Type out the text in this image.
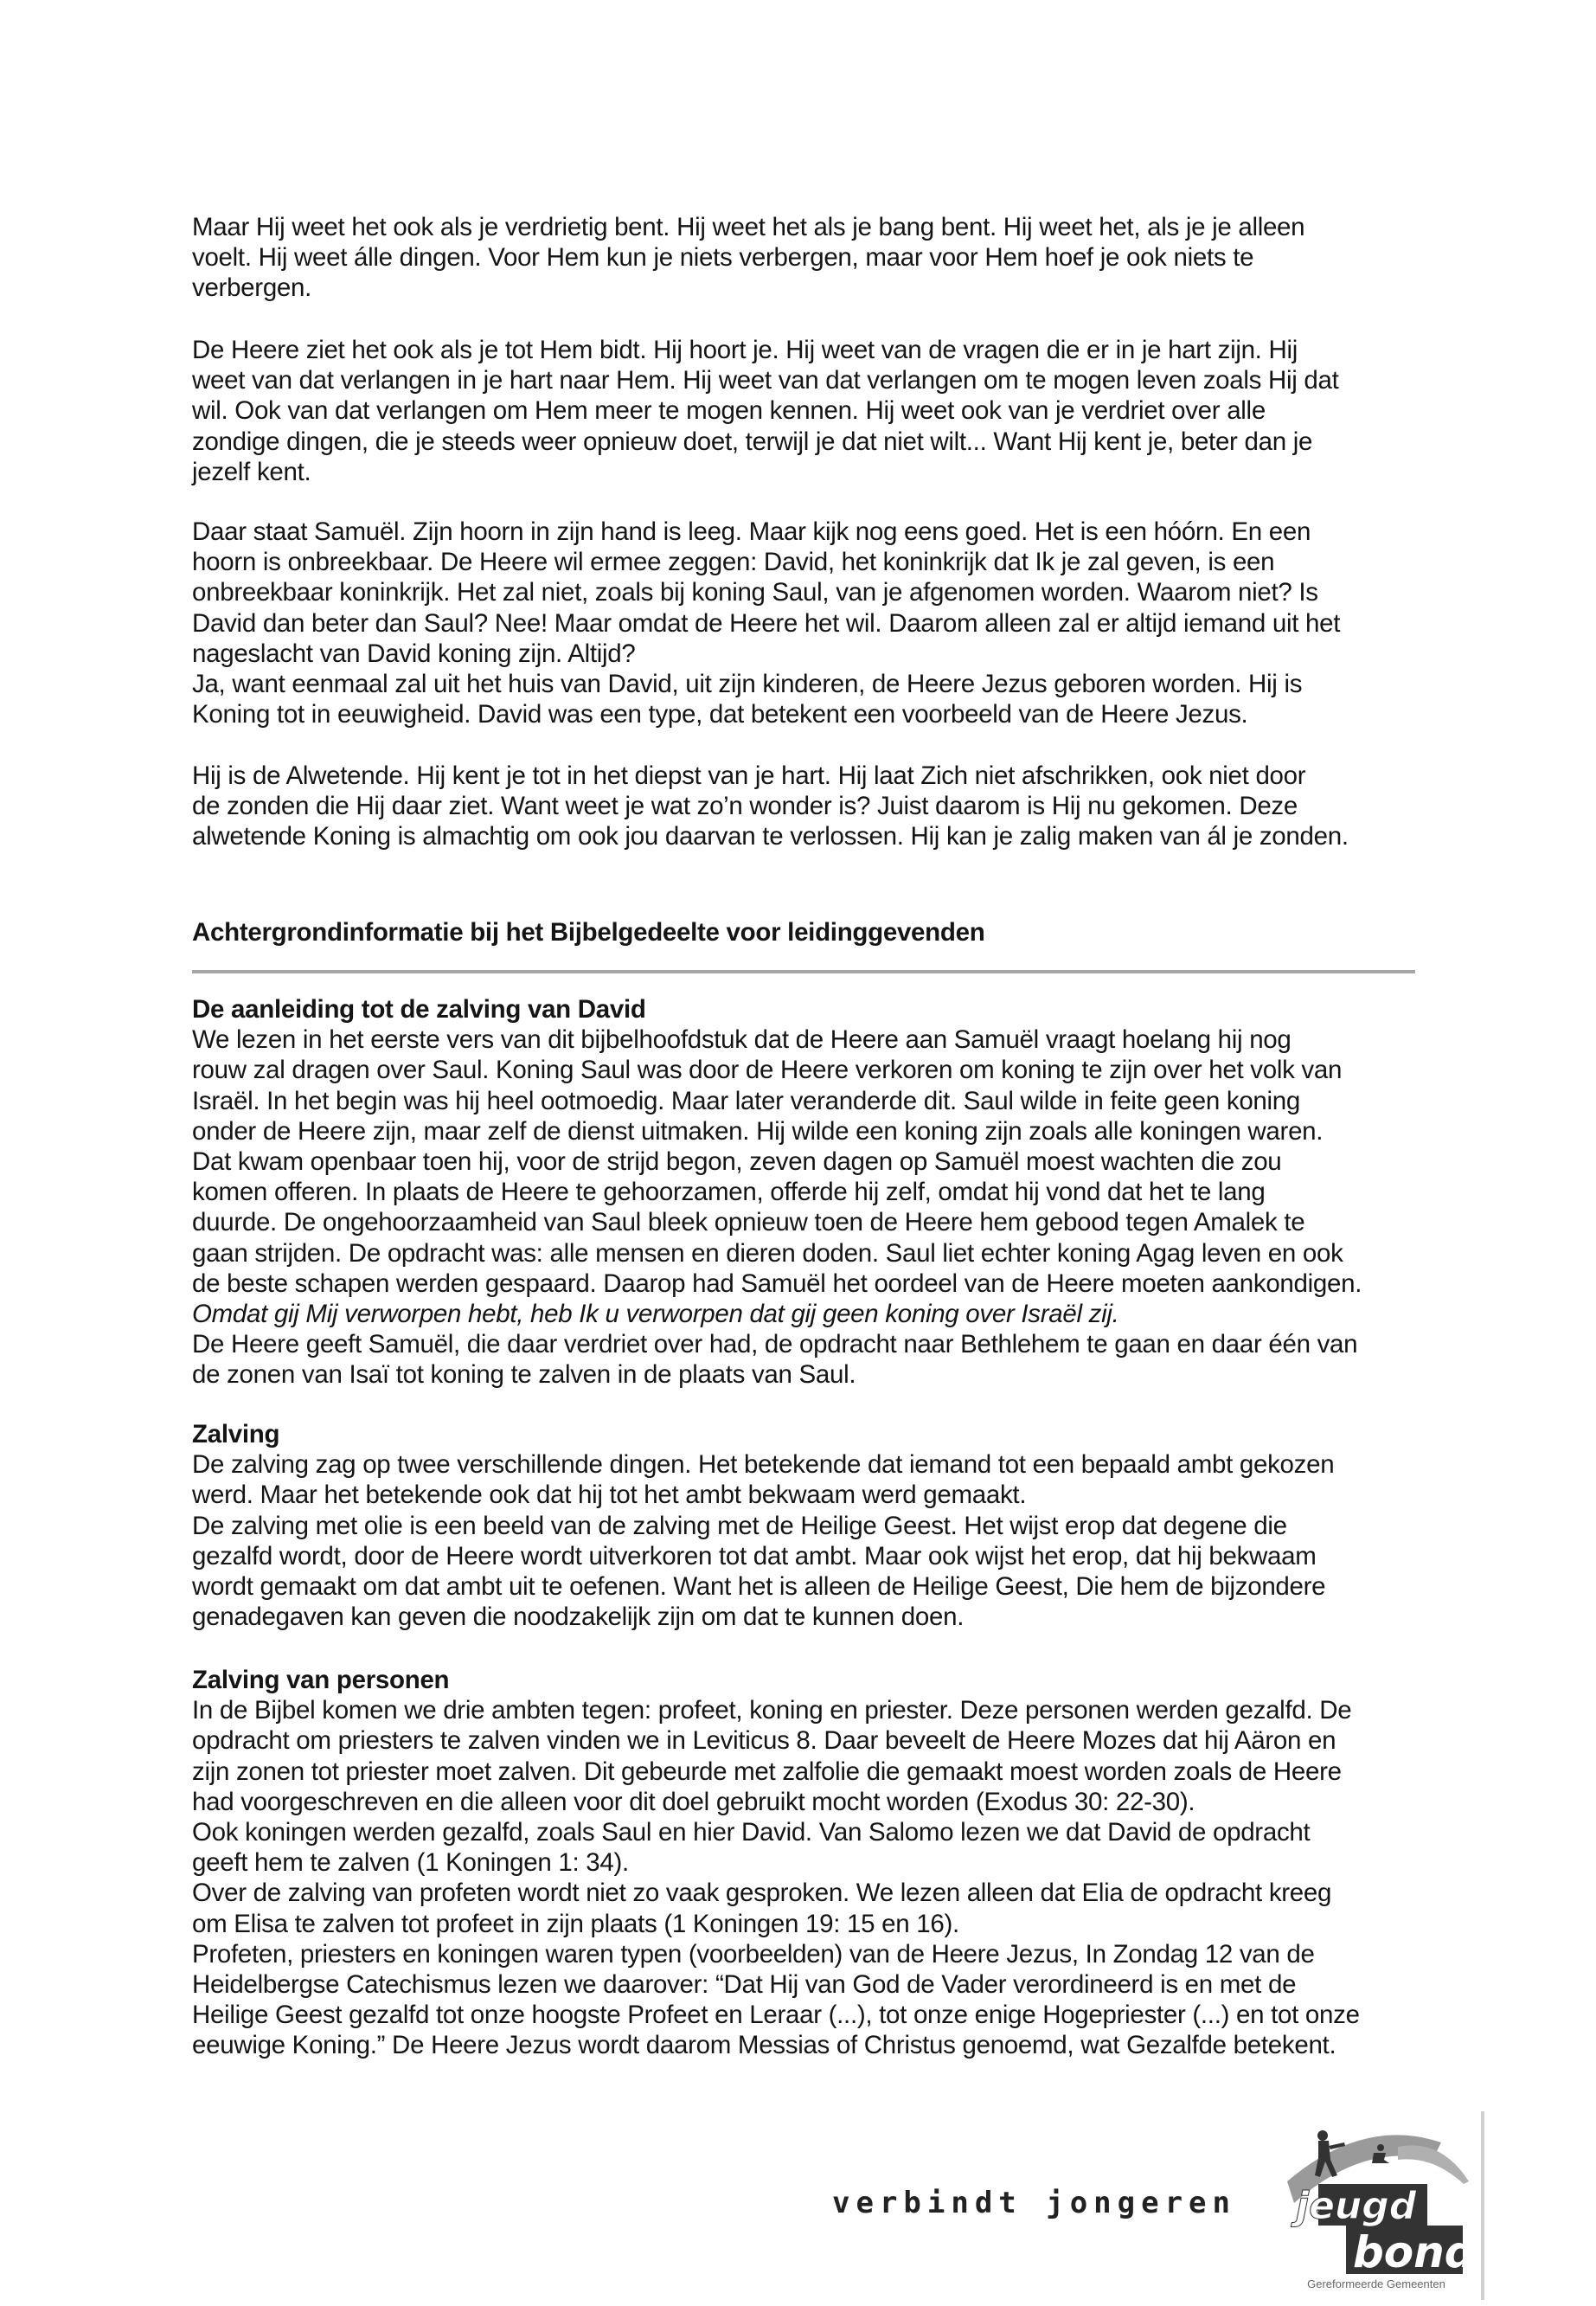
Maar Hij weet het ook als je verdrietig bent. Hij weet het als je bang bent. Hij weet het, als je je alleen
voelt. Hij weet álle dingen. Voor Hem kun je niets verbergen, maar voor Hem hoef je ook niets te
verbergen.
De Heere ziet het ook als je tot Hem bidt. Hij hoort je. Hij weet van de vragen die er in je hart zijn. Hij
weet van dat verlangen in je hart naar Hem. Hij weet van dat verlangen om te mogen leven zoals Hij dat
wil. Ook van dat verlangen om Hem meer te mogen kennen. Hij weet ook van je verdriet over alle
zondige dingen, die je steeds weer opnieuw doet, terwijl je dat niet wilt... Want Hij kent je, beter dan je
jezelf kent.
Daar staat Samuël. Zijn hoorn in zijn hand is leeg. Maar kijk nog eens goed. Het is een hóórn. En een
hoorn is onbreekbaar. De Heere wil ermee zeggen: David, het koninkrijk dat Ik je zal geven, is een
onbreekbaar koninkrijk. Het zal niet, zoals bij koning Saul, van je afgenomen worden. Waarom niet? Is
David dan beter dan Saul? Nee! Maar omdat de Heere het wil. Daarom alleen zal er altijd iemand uit het
nageslacht van David koning zijn. Altijd?
Ja, want eenmaal zal uit het huis van David, uit zijn kinderen, de Heere Jezus geboren worden. Hij is
Koning tot in eeuwigheid. David was een type, dat betekent een voorbeeld van de Heere Jezus.
Hij is de Alwetende. Hij kent je tot in het diepst van je hart. Hij laat Zich niet afschrikken, ook niet door
de zonden die Hij daar ziet. Want weet je wat zo’n wonder is? Juist daarom is Hij nu gekomen. Deze
alwetende Koning is almachtig om ook jou daarvan te verlossen. Hij kan je zalig maken van ál je zonden.
Achtergrondinformatie bij het Bijbelgedeelte voor leidinggevenden
De aanleiding tot de zalving van David
We lezen in het eerste vers van dit bijbelhoofdstuk dat de Heere aan Samuël vraagt hoelang hij nog
rouw zal dragen over Saul. Koning Saul was door de Heere verkoren om koning te zijn over het volk van
Israël. In het begin was hij heel ootmoedig. Maar later veranderde dit. Saul wilde in feite geen koning
onder de Heere zijn, maar zelf de dienst uitmaken. Hij wilde een koning zijn zoals alle koningen waren.
Dat kwam openbaar toen hij, voor de strijd begon, zeven dagen op Samuël moest wachten die zou
komen offeren. In plaats de Heere te gehoorzamen, offerde hij zelf, omdat hij vond dat het te lang
duurde. De ongehoorzaamheid van Saul bleek opnieuw toen de Heere hem gebood tegen Amalek te
gaan strijden. De opdracht was: alle mensen en dieren doden. Saul liet echter koning Agag leven en ook
de beste schapen werden gespaard. Daarop had Samuël het oordeel van de Heere moeten aankondigen.
Omdat gij Mij verworpen hebt, heb Ik u verworpen dat gij geen koning over Israël zij.
De Heere geeft Samuël, die daar verdriet over had, de opdracht naar Bethlehem te gaan en daar één van
de zonen van Isaï tot koning te zalven in de plaats van Saul.
Zalving
De zalving zag op twee verschillende dingen. Het betekende dat iemand tot een bepaald ambt gekozen
werd. Maar het betekende ook dat hij tot het ambt bekwaam werd gemaakt.
De zalving met olie is een beeld van de zalving met de Heilige Geest. Het wijst erop dat degene die
gezalfd wordt, door de Heere wordt uitverkoren tot dat ambt. Maar ook wijst het erop, dat hij bekwaam
wordt gemaakt om dat ambt uit te oefenen. Want het is alleen de Heilige Geest, Die hem de bijzondere
genadegaven kan geven die noodzakelijk zijn om dat te kunnen doen.
Zalving van personen
In de Bijbel komen we drie ambten tegen: profeet, koning en priester. Deze personen werden gezalfd. De
opdracht om priesters te zalven vinden we in Leviticus 8. Daar beveelt de Heere Mozes dat hij Aäron en
zijn zonen tot priester moet zalven. Dit gebeurde met zalfolie die gemaakt moest worden zoals de Heere
had voorgeschreven en die alleen voor dit doel gebruikt mocht worden (Exodus 30: 22-30).
Ook koningen werden gezalfd, zoals Saul en hier David. Van Salomo lezen we dat David de opdracht
geeft hem te zalven (1 Koningen 1: 34).
Over de zalving van profeten wordt niet zo vaak gesproken. We lezen alleen dat Elia de opdracht kreeg
om Elisa te zalven tot profeet in zijn plaats (1 Koningen 19: 15 en 16).
Profeten, priesters en koningen waren typen (voorbeelden) van de Heere Jezus, In Zondag 12 van de
Heidelbergse Catechismus lezen we daarover: “Dat Hij van God de Vader verordineerd is en met de
Heilige Geest gezalfd tot onze hoogste Profeet en Leraar (...), tot onze enige Hogepriester (...) en tot onze
eeuwige Koning.” De Heere Jezus wordt daarom Messias of Christus genoemd, wat Gezalfde betekent.
verbindt jongeren jeugd
bond
Gereformeerde Gemeenten
